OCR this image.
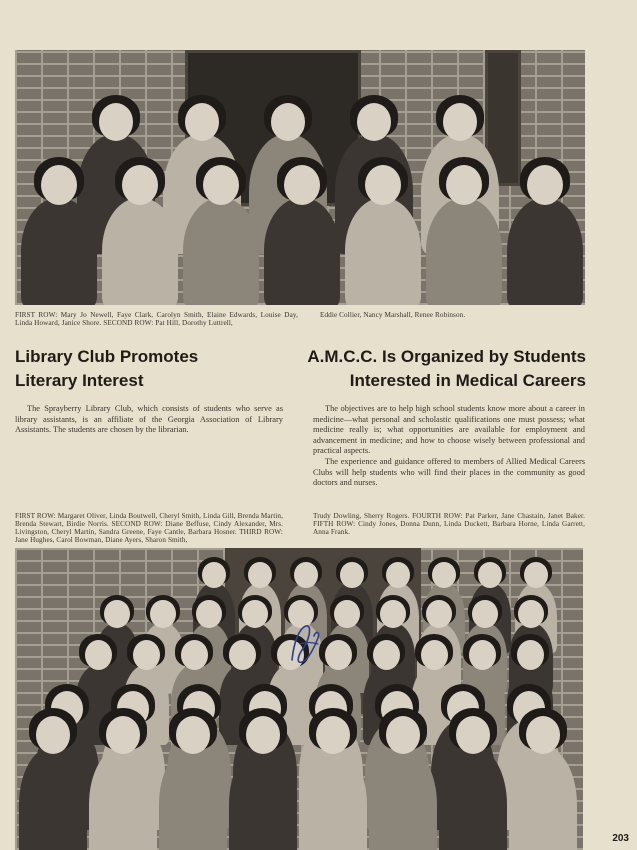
FIRST ROW: Mary Jo Newell, Faye Clark, Carolyn Smith, Elaine Edwards, Louise Day, Linda Howard, Janice Shore. SECOND ROW: Pat Hill, Dorothy Luttrell,
Eddie Collier, Nancy Marshall, Renee Robinson.
Library Club Promotes
Literary Interest

The Sprayberry Library Club, which consists of students who serve as library assistants, is an affiliate of the Georgia Association of Library Assistants. The students are chosen by the librarian.

A.M.C.C. Is Organized by Students
Interested in Medical Careers

The objectives are to help high school students know more about a career in medicine—what personal and scholastic qualifications one must possess; what medicine really is; what opportunities are available for employment and advancement in medicine; and how to choose wisely between professional and practical aspects.

The experience and guidance offered to members of Allied Medical Careers Clubs will help students who will find their places in the community as good doctors and nurses.

FIRST ROW: Margaret Oliver, Linda Boutwell, Cheryl Smith, Linda Gill, Brenda Martin, Brenda Stewart, Birdie Norris. SECOND ROW: Diane Beffuse, Cindy Alexander, Mrs. Livingston, Cheryl Martin, Sandra Greene, Faye Cantle, Barbara Hosner. THIRD ROW: Jane Hughes, Carol Bowman, Diane Ayers, Sharon Smith,
Trudy Dowling, Sherry Rogers. FOURTH ROW: Pat Parker, Jane Chastain, Janet Baker. FIFTH ROW: Cindy Jones, Donna Dunn, Linda Duckett, Barbara Horne, Linda Garrett, Anna Frank.
203
